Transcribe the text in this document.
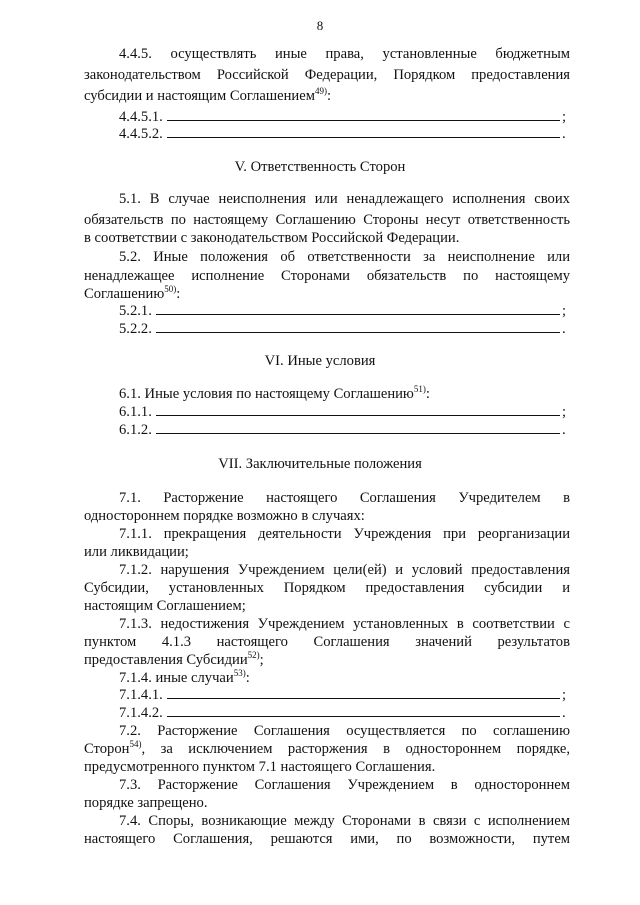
8
4.4.5. осуществлять иные права, установленные бюджетным
законодательством Российской Федерации, Порядком предоставления
субсидии и настоящим Соглашением$^{49)}$:
4.4.5.1.	;
4.4.5.2.	.
V. Ответственность Сторон
5.1. В случае неисполнения или ненадлежащего исполнения своих
обязательств по настоящему Соглашению Стороны несут ответственность
в соответствии с законодательством Российской Федерации.
5.2. Иные положения об ответственности за неисполнение или
ненадлежащее исполнение Сторонами обязательств по настоящему
Соглашению$^{50)}$:
5.2.1.	;
5.2.2.	.
VI. Иные условия
6.1. Иные условия по настоящему Соглашению$^{51)}$:
6.1.1.	;
6.1.2.	.
VII. Заключительные положения
7.1. Расторжение настоящего Соглашения Учредителем в
одностороннем порядке возможно в случаях:
7.1.1. прекращения деятельности Учреждения при реорганизации
или ликвидации;
7.1.2. нарушения Учреждением цели(ей) и условий предоставления
Субсидии, установленных Порядком предоставления субсидии и
настоящим Соглашением;
7.1.3. недостижения Учреждением установленных в соответствии с
пунктом 4.1.3 настоящего Соглашения значений результатов
предоставления Субсидии$^{52)}$;
7.1.4. иные случаи$^{53)}$:
7.1.4.1.	;
7.1.4.2.	.
7.2. Расторжение Соглашения осуществляется по соглашению
Сторон$^{54)}$, за исключением расторжения в одностороннем порядке,
предусмотренного пунктом 7.1 настоящего Соглашения.
7.3. Расторжение Соглашения Учреждением в одностороннем
порядке запрещено.
7.4. Споры, возникающие между Сторонами в связи с исполнением
настоящего Соглашения, решаются ими, по возможности, путем
